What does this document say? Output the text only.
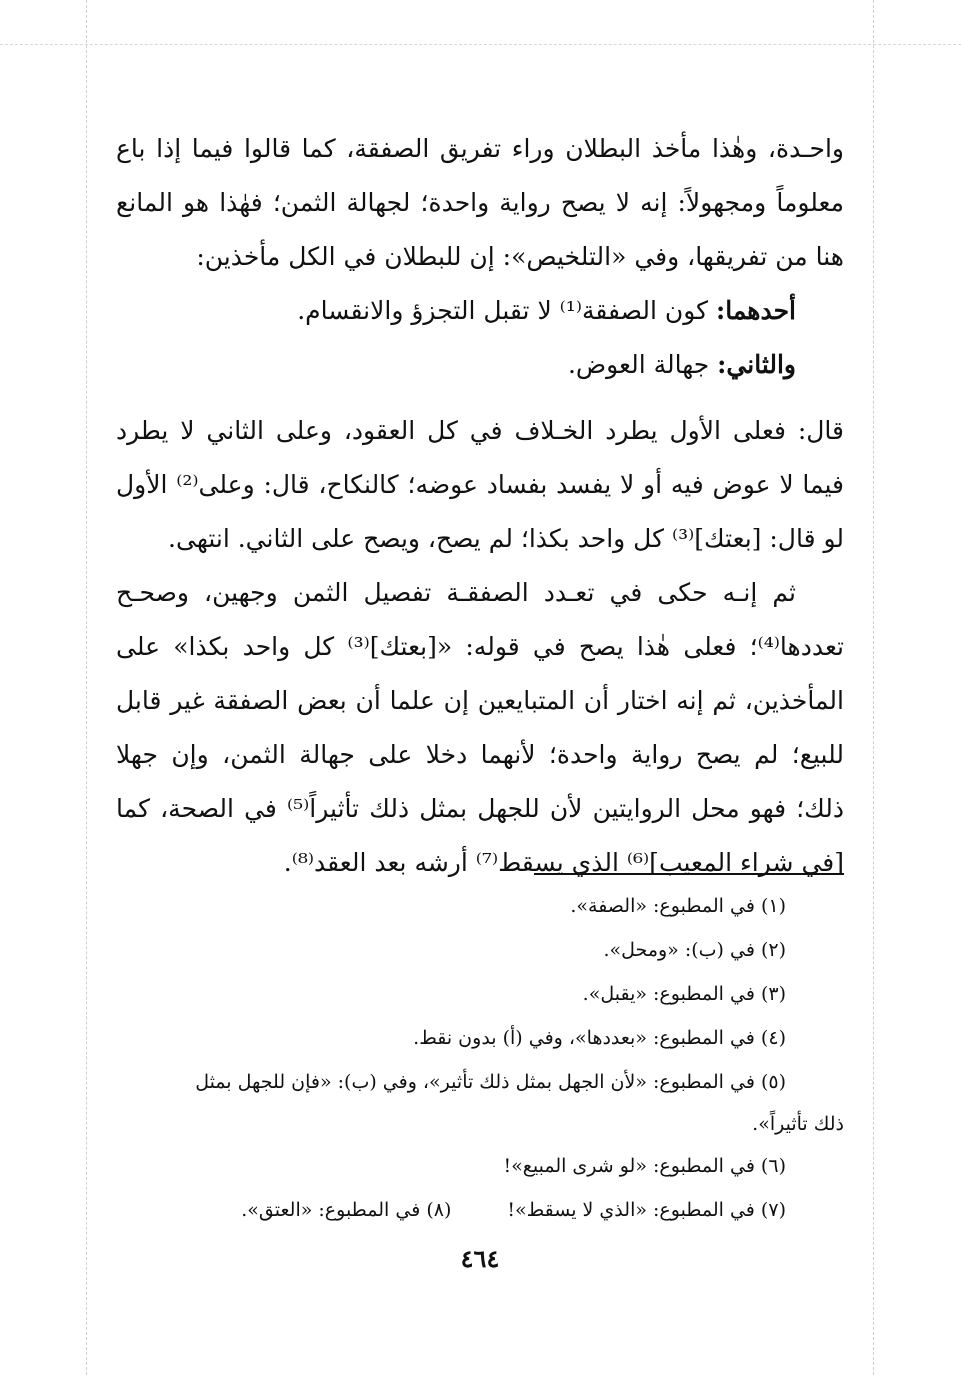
واحـدة، وهٰذا مأخذ البطلان وراء تفريق الصفقة، كما قالوا فيما إذا باع
معلوماً ومجهولاً: إنه لا يصح رواية واحدة؛ لجهالة الثمن؛ فهٰذا هو المانع
هنا من تفريقها، وفي «التلخيص»: إن للبطلان في الكل مأخذين:
أحدهما: كون الصفقة⁽¹⁾ لا تقبل التجزؤ والانقسام.
والثاني: جهالة العوض.
قال: فعلى الأول يطرد الخـلاف في كل العقود، وعلى الثاني لا يطرد
فيما لا عوض فيه أو لا يفسد بفساد عوضه؛ كالنكاح، قال: وعلى⁽²⁾ الأول
لو قال: [بعتك]⁽³⁾ كل واحد بكذا؛ لم يصح، ويصح على الثاني. انتهى.
ثم إنـه حكى في تعـدد الصفقـة تفصيل الثمن وجهين، وصحـح
تعددها⁽⁴⁾؛ فعلى هٰذا يصح في قوله: «[بعتك]⁽³⁾ كل واحد بكذا» على
المأخذين، ثم إنه اختار أن المتبايعين إن علما أن بعض الصفقة غير قابل
للبيع؛ لم يصح رواية واحدة؛ لأنهما دخلا على جهالة الثمن، وإن جهلا
ذلك؛ فهو محل الروايتين لأن للجهل بمثل ذلك تأثيراً⁽⁵⁾ في الصحة، كما
[في شراء المعيب]⁽⁶⁾ الذي يسقط⁽⁷⁾ أرشه بعد العقد⁽⁸⁾.
(١) في المطبوع: «الصفة».
(٢) في (ب): «ومحل».
(٣) في المطبوع: «يقبل».
(٤) في المطبوع: «بعددها»، وفي (أ) بدون نقط.
(٥) في المطبوع: «لأن الجهل بمثل ذلك تأثير»، وفي (ب): «فإن للجهل بمثل
ذلك تأثيراً».
(٦) في المطبوع: «لو شرى المبيع»!
(٧) في المطبوع: «الذي لا يسقط»!
(٨) في المطبوع: «العتق».
٤٦٤
